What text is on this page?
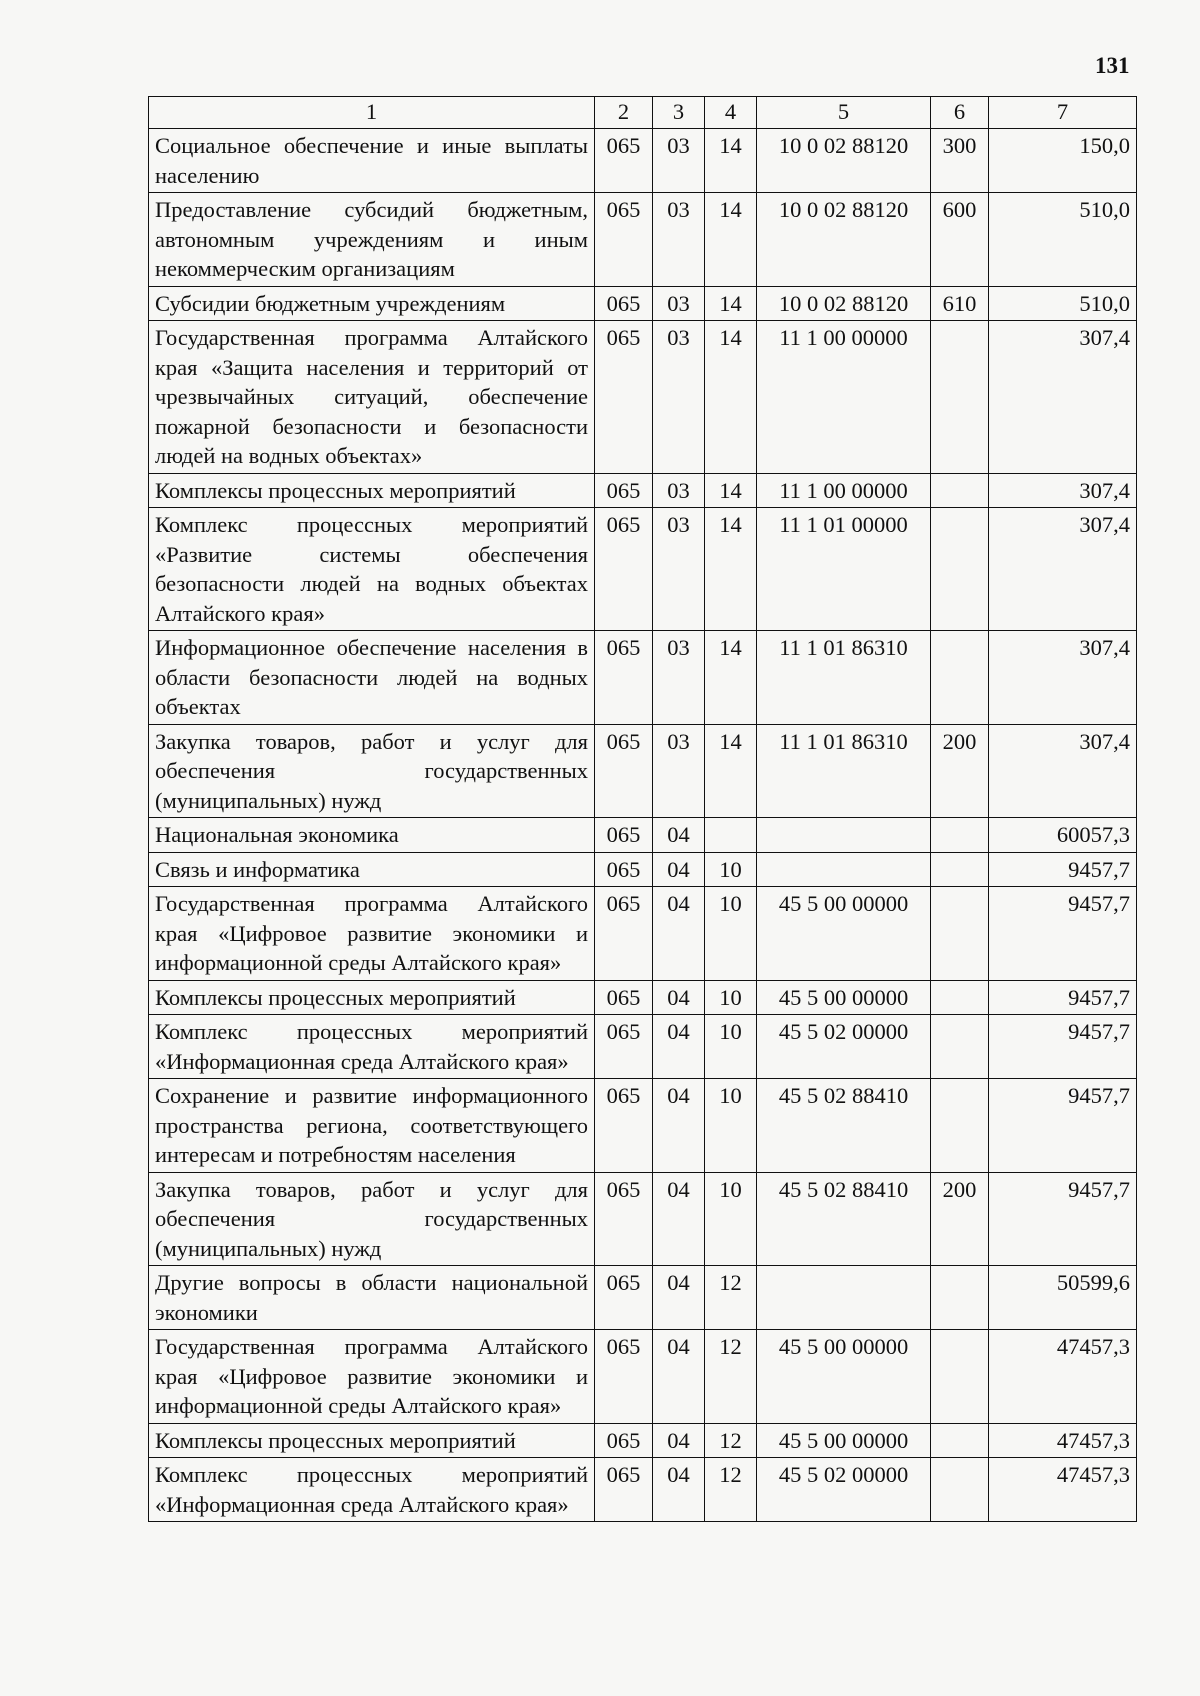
131
1	2	3	4	5	6	7
Социальное обеспечение и иные выплаты населению	065	03	14	10 0 02 88120	300	150,0
Предоставление субсидий бюджетным, автономным учреждениям и иным некоммерческим организациям	065	03	14	10 0 02 88120	600	510,0
Субсидии бюджетным учреждениям	065	03	14	10 0 02 88120	610	510,0
Государственная программа Алтайского края «Защита населения и территорий от чрезвычайных ситуаций, обеспечение пожарной безопасности и безопасности людей на водных объектах»	065	03	14	11 1 00 00000		307,4
Комплексы процессных мероприятий	065	03	14	11 1 00 00000		307,4
Комплекс процессных мероприятий «Развитие системы обеспечения безопасности людей на водных объектах Алтайского края»	065	03	14	11 1 01 00000		307,4
Информационное обеспечение населения в области безопасности людей на водных объектах	065	03	14	11 1 01 86310		307,4
Закупка товаров, работ и услуг для обеспечения государственных (муниципальных) нужд	065	03	14	11 1 01 86310	200	307,4
Национальная экономика	065	04				60057,3
Связь и информатика	065	04	10			9457,7
Государственная программа Алтайского края «Цифровое развитие экономики и информационной среды Алтайского края»	065	04	10	45 5 00 00000		9457,7
Комплексы процессных мероприятий	065	04	10	45 5 00 00000		9457,7
Комплекс процессных мероприятий «Информационная среда Алтайского края»	065	04	10	45 5 02 00000		9457,7
Сохранение и развитие информационного пространства региона, соответствующего интересам и потребностям населения	065	04	10	45 5 02 88410		9457,7
Закупка товаров, работ и услуг для обеспечения государственных (муниципальных) нужд	065	04	10	45 5 02 88410	200	9457,7
Другие вопросы в области национальной экономики	065	04	12			50599,6
Государственная программа Алтайского края «Цифровое развитие экономики и информационной среды Алтайского края»	065	04	12	45 5 00 00000		47457,3
Комплексы процессных мероприятий	065	04	12	45 5 00 00000		47457,3
Комплекс процессных мероприятий «Информационная среда Алтайского края»	065	04	12	45 5 02 00000		47457,3
